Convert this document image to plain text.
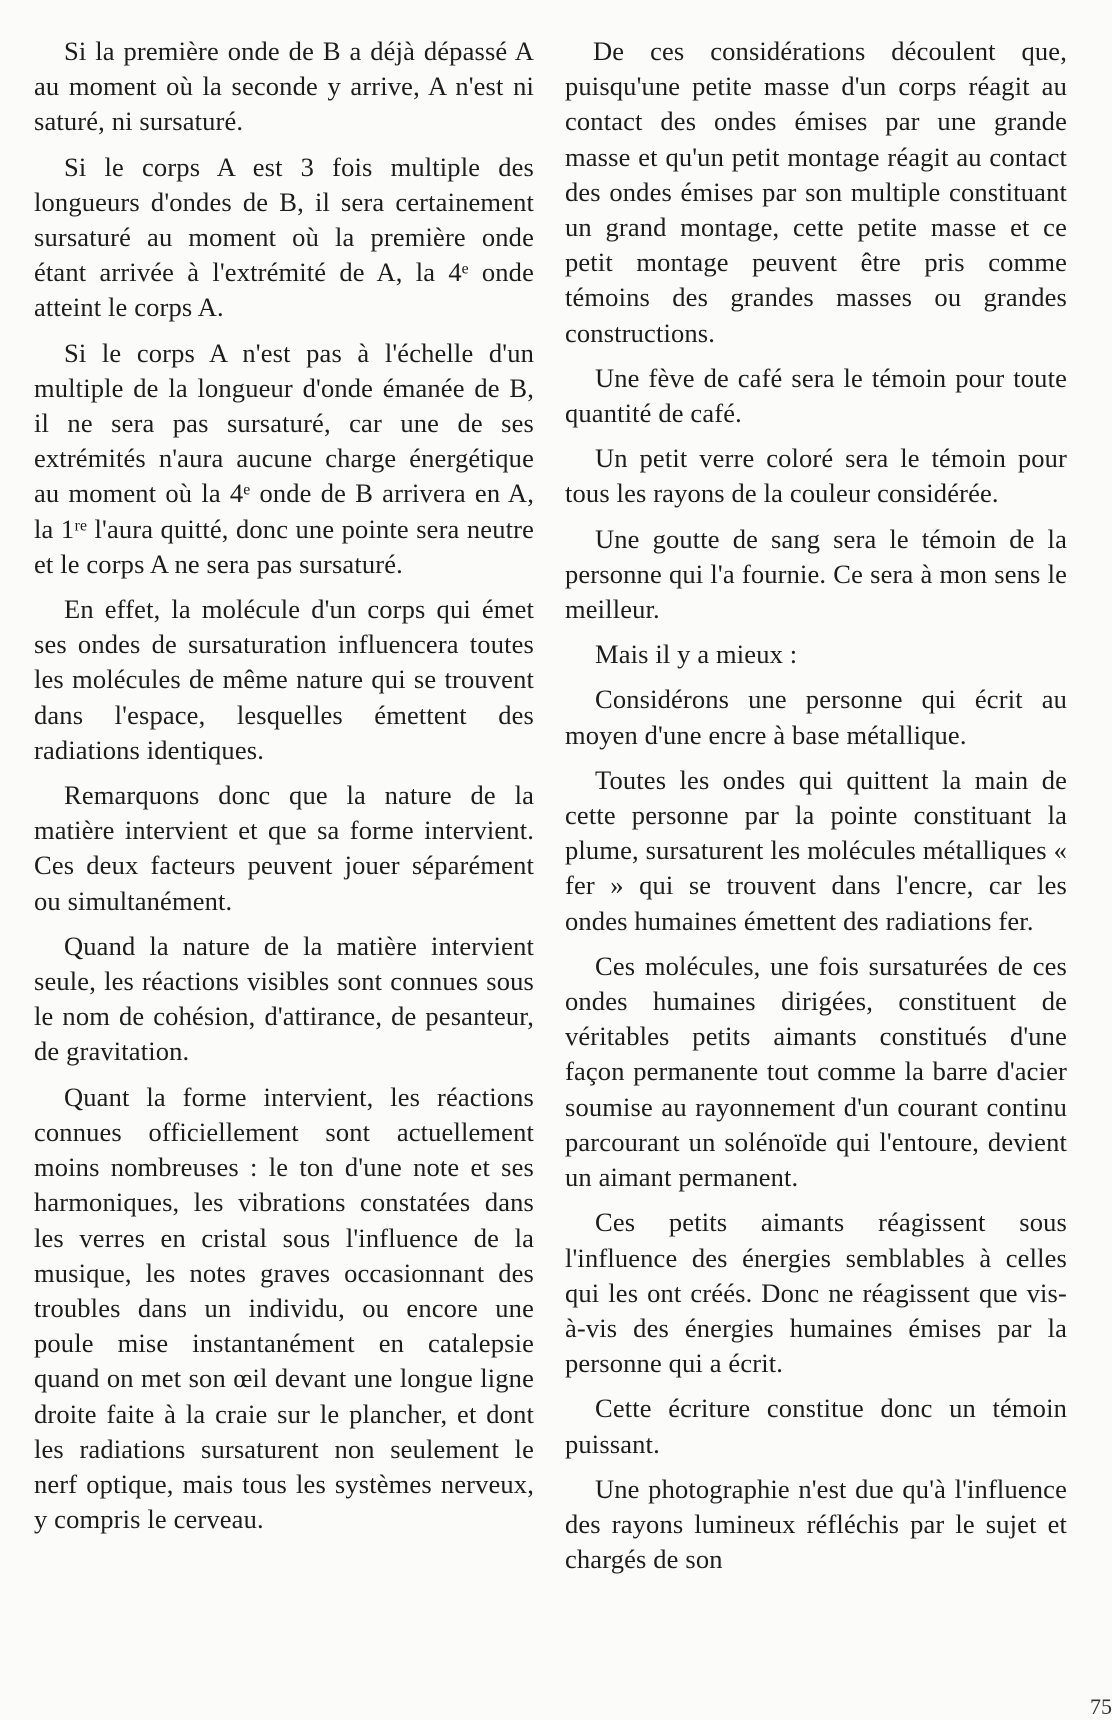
Si la première onde de B a déjà dépassé A au moment où la seconde y arrive, A n'est ni saturé, ni sursaturé.

Si le corps A est 3 fois multiple des longueurs d'ondes de B, il sera certainement sursaturé au moment où la première onde étant arrivée à l'extrémité de A, la 4ᵉ onde atteint le corps A.

Si le corps A n'est pas à l'échelle d'un multiple de la longueur d'onde émanée de B, il ne sera pas sursaturé, car une de ses extrémités n'aura aucune charge énergétique au moment où la 4ᵉ onde de B arrivera en A, la 1ʳᵉ l'aura quitté, donc une pointe sera neutre et le corps A ne sera pas sursaturé.

En effet, la molécule d'un corps qui émet ses ondes de sursaturation influencera toutes les molécules de même nature qui se trouvent dans l'espace, lesquelles émettent des radiations identiques.

Remarquons donc que la nature de la matière intervient et que sa forme intervient. Ces deux facteurs peuvent jouer séparément ou simultanément.

Quand la nature de la matière intervient seule, les réactions visibles sont connues sous le nom de cohésion, d'attirance, de pesanteur, de gravitation.

Quant la forme intervient, les réactions connues officiellement sont actuellement moins nombreuses : le ton d'une note et ses harmoniques, les vibrations constatées dans les verres en cristal sous l'influence de la musique, les notes graves occasionnant des troubles dans un individu, ou encore une poule mise instantanément en catalepsie quand on met son œil devant une longue ligne droite faite à la craie sur le plancher, et dont les radiations sursaturent non seulement le nerf optique, mais tous les systèmes nerveux, y compris le cerveau.

De ces considérations découlent que, puisqu'une petite masse d'un corps réagit au contact des ondes émises par une grande masse et qu'un petit montage réagit au contact des ondes émises par son multiple constituant un grand montage, cette petite masse et ce petit montage peuvent être pris comme témoins des grandes masses ou grandes constructions.

Une fève de café sera le témoin pour toute quantité de café.

Un petit verre coloré sera le témoin pour tous les rayons de la couleur considérée.

Une goutte de sang sera le témoin de la personne qui l'a fournie. Ce sera à mon sens le meilleur.

Mais il y a mieux :

Considérons une personne qui écrit au moyen d'une encre à base métallique.

Toutes les ondes qui quittent la main de cette personne par la pointe constituant la plume, sursaturent les molécules métalliques « fer » qui se trouvent dans l'encre, car les ondes humaines émettent des radiations fer.

Ces molécules, une fois sursaturées de ces ondes humaines dirigées, constituent de véritables petits aimants constitués d'une façon permanente tout comme la barre d'acier soumise au rayonnement d'un courant continu parcourant un solénoïde qui l'entoure, devient un aimant permanent.

Ces petits aimants réagissent sous l'influence des énergies semblables à celles qui les ont créés. Donc ne réagissent que vis-à-vis des énergies humaines émises par la personne qui a écrit.

Cette écriture constitue donc un témoin puissant.

Une photographie n'est due qu'à l'influence des rayons lumineux réfléchis par le sujet et chargés de son

75
